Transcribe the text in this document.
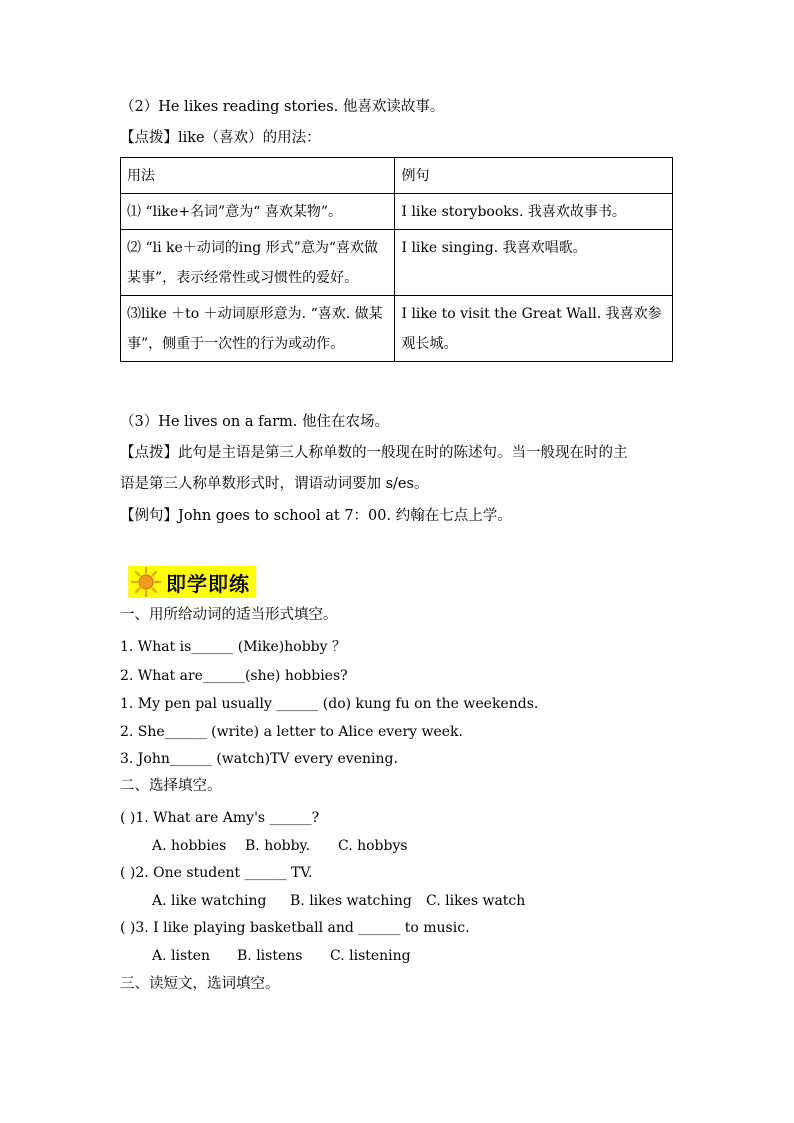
（2）He likes reading stories. 他喜欢读故事。
【点拨】like（喜欢）的用法：
用法	例句
⑴ “like+名词”意为“ 喜欢某物”。	I like storybooks. 我喜欢故事书。
⑵ “li ke＋动词的ing 形式”意为“喜欢做某事”，表示经常性或习惯性的爱好。	I like singing. 我喜欢唱歌。
⑶like ＋to ＋动词原形意为. “喜欢. 做某事”，侧重于一次性的行为或动作。	I like to visit the Great Wall. 我喜欢参观长城。
（3）He lives on a farm. 他住在农场。
【点拨】此句是主语是第三人称单数的一般现在时的陈述句。当一般现在时的主
语是第三人称单数形式时，谓语动词要加 s/es。
【例句】John goes to school at 7：00. 约翰在七点上学。
即学即练
一、用所给动词的适当形式填空。
1. What is______ (Mike)hobby ？
2. What are______(she) hobbies?
1. My pen pal usually ______ (do) kung fu on the weekends.
2. She______ (write) a letter to Alice every week.
3. John______ (watch)TV every evening.
二、选择填空。
( )1. What are Amy's ______?
A. hobbies B. hobby. C. hobbys
( )2. One student ______ TV.
A. like watching B. likes watching C. likes watch
( )3. I like playing basketball and ______ to music.
A. listen B. listens C. listening
三、读短文，选词填空。
